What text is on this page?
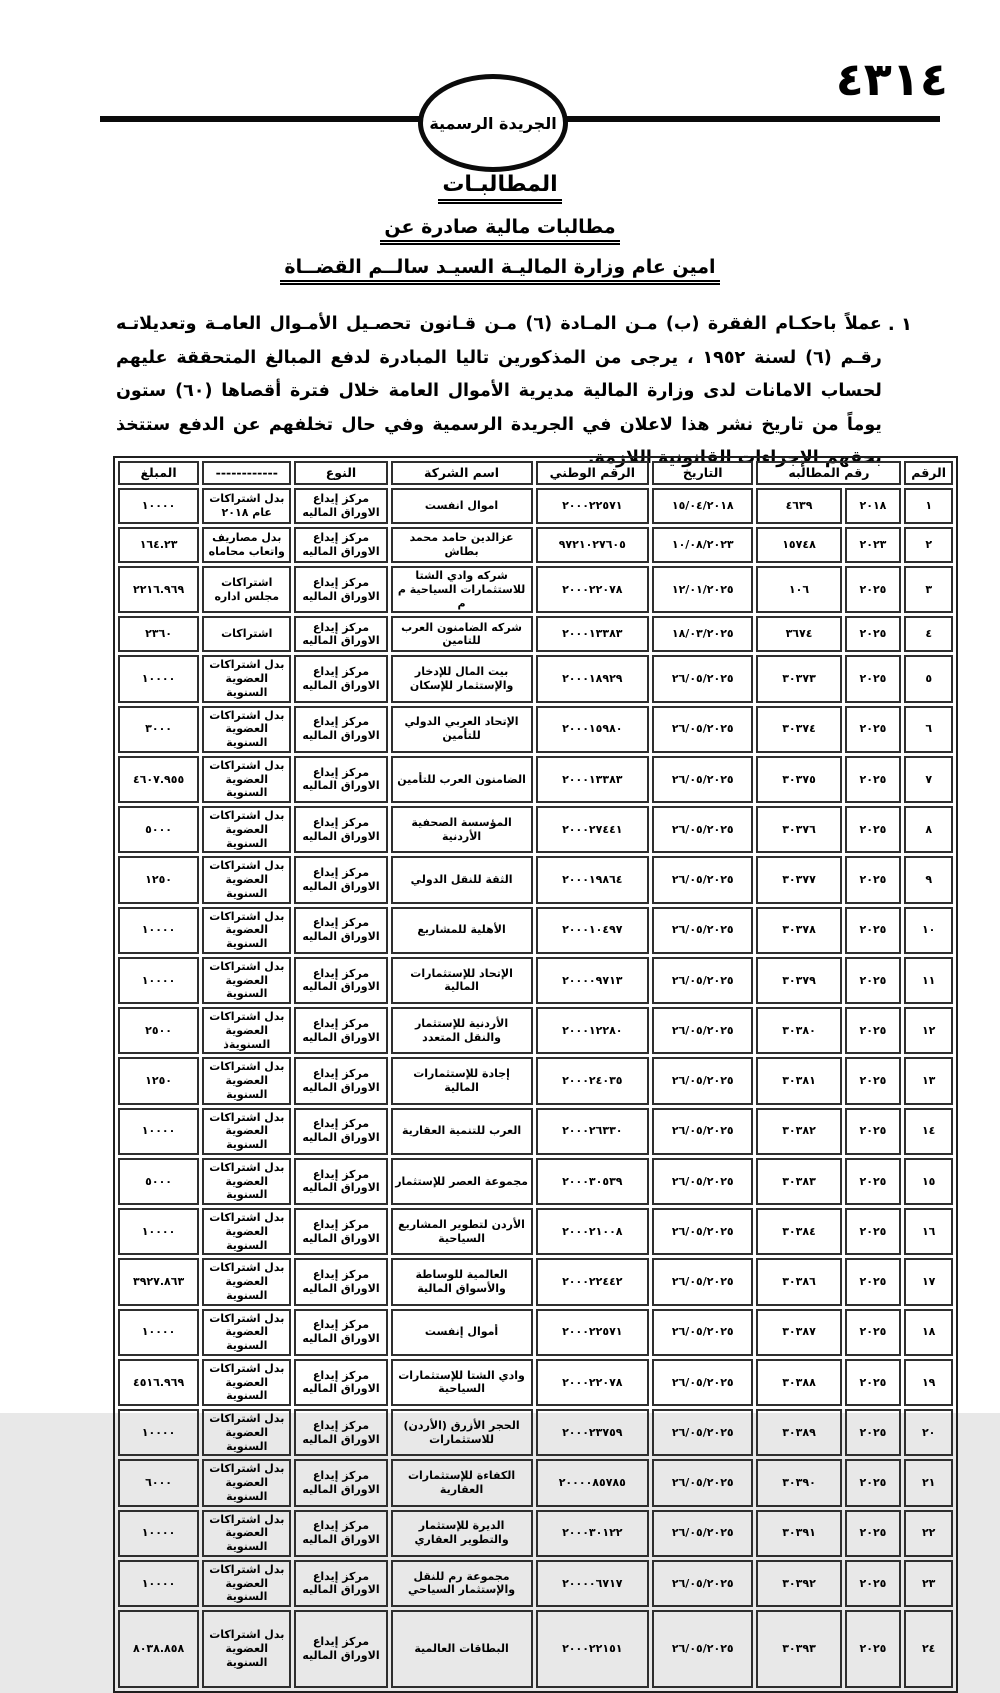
٤٣١٤
الجريدة الرسمية
المطالبـات
مطالبات مالية صادرة عن
امين عام وزارة الماليـة السيـد سالــم القضــاة
١ .
عملاً باحكـام الفقرة (ب) مـن المـادة (٦) مـن قـانون تحصـيل الأمـوال العامـة وتعديلاتـه رقـم (٦) لسنة ١٩٥٢ ، يرجى من المذكورين تاليا المبادرة لدفع المبالغ المتحققة عليهم لحساب الامانات لدى وزارة المالية مديرية الأموال العامة خلال فترة أقصاها (٦٠) ستون يوماً من تاريخ نشر هذا لاعلان في الجريدة الرسمية وفي حال تخلفهم عن الدفع ستتخذ بحقهم الإجراءات القانونية اللازمة.
الرقم	رقم المطالبه		التاريخ	الرقم الوطني	اسم الشركة	النوع	------------	المبلغ
١	٢٠١٨	٤٦٣٩	١٥/٠٤/٢٠١٨	٢٠٠٠٢٢٥٧١	اموال انفست	مركز إيداع الاوراق الماليه	بدل اشتراكات عام ٢٠١٨	١٠٠٠٠
٢	٢٠٢٣	١٥٧٤٨	١٠/٠٨/٢٠٢٣	٩٧٢١٠٢٧٦٠٥	عزالدين حامد محمد بطاش	مركز إيداع الاوراق الماليه	بدل مصاريف واتعاب محاماه	١٦٤.٢٣
٣	٢٠٢٥	١٠٦	١٢/٠١/٢٠٢٥	٢٠٠٠٢٢٠٧٨	شركه وادي الشتا للاستثمارات السياحية م م	مركز إيداع الاوراق الماليه	اشتراكات مجلس اداره	٢٢١٦.٩٦٩
٤	٢٠٢٥	٣٦٧٤	١٨/٠٣/٢٠٢٥	٢٠٠٠١٣٣٨٣	شركه الضامنون العرب للتامين	مركز إيداع الاوراق الماليه	اشتراكات	٢٣٦٠
٥	٢٠٢٥	٣٠٣٧٣	٢٦/٠٥/٢٠٢٥	٢٠٠٠١٨٩٢٩	بيت المال للإدخار والإستثمار للإسكان	مركز إيداع الاوراق الماليه	بدل اشتراكات العضوية السنوية	١٠٠٠٠
٦	٢٠٢٥	٣٠٣٧٤	٢٦/٠٥/٢٠٢٥	٢٠٠٠١٥٩٨٠	الإتحاد العربي الدولي للتأمين	مركز إيداع الاوراق الماليه	بدل اشتراكات العضوية السنوية	٣٠٠٠
٧	٢٠٢٥	٣٠٣٧٥	٢٦/٠٥/٢٠٢٥	٢٠٠٠١٣٣٨٣	الضامنون العرب للتأمين	مركز إيداع الاوراق الماليه	بدل اشتراكات العضوية السنوية	٤٦٠٧.٩٥٥
٨	٢٠٢٥	٣٠٣٧٦	٢٦/٠٥/٢٠٢٥	٢٠٠٠٢٧٤٤١	المؤسسة الصحفية الأردنية	مركز إيداع الاوراق الماليه	بدل اشتراكات العضوية السنوية	٥٠٠٠
٩	٢٠٢٥	٣٠٣٧٧	٢٦/٠٥/٢٠٢٥	٢٠٠٠١٩٨٦٤	الثقة للنقل الدولي	مركز إيداع الاوراق الماليه	بدل اشتراكات العضوية السنوية	١٢٥٠
١٠	٢٠٢٥	٣٠٣٧٨	٢٦/٠٥/٢٠٢٥	٢٠٠٠١٠٤٩٧	الأهلية للمشاريع	مركز إيداع الاوراق الماليه	بدل اشتراكات العضوية السنوية	١٠٠٠٠
١١	٢٠٢٥	٣٠٣٧٩	٢٦/٠٥/٢٠٢٥	٢٠٠٠٠٩٧١٣	الإتحاد للإستثمارات المالية	مركز إيداع الاوراق الماليه	بدل اشتراكات العضوية السنوية	١٠٠٠٠
١٢	٢٠٢٥	٣٠٣٨٠	٢٦/٠٥/٢٠٢٥	٢٠٠٠١٢٢٨٠	الأردنية للإستثمار والنقل المتعدد	مركز إيداع الاوراق الماليه	بدل اشتراكات العضوية السنويةذ	٢٥٠٠
١٣	٢٠٢٥	٣٠٣٨١	٢٦/٠٥/٢٠٢٥	٢٠٠٠٢٤٠٣٥	إجادة للإستثمارات المالية	مركز إيداع الاوراق الماليه	بدل اشتراكات العضوية السنوية	١٢٥٠
١٤	٢٠٢٥	٣٠٣٨٢	٢٦/٠٥/٢٠٢٥	٢٠٠٠٢٦٣٣٠	العرب للتنمية العقارية	مركز إيداع الاوراق الماليه	بدل اشتراكات العضوية السنوية	١٠٠٠٠
١٥	٢٠٢٥	٣٠٣٨٣	٢٦/٠٥/٢٠٢٥	٢٠٠٠٣٠٥٣٩	مجموعة العصر للإستثمار	مركز إيداع الاوراق الماليه	بدل اشتراكات العضوية السنوية	٥٠٠٠
١٦	٢٠٢٥	٣٠٣٨٤	٢٦/٠٥/٢٠٢٥	٢٠٠٠٢١٠٠٨	الأردن لتطوير المشاريع السياحية	مركز إيداع الاوراق الماليه	بدل اشتراكات العضوية السنوية	١٠٠٠٠
١٧	٢٠٢٥	٣٠٣٨٦	٢٦/٠٥/٢٠٢٥	٢٠٠٠٢٢٤٤٢	العالمية للوساطة والأسواق المالية	مركز إيداع الاوراق الماليه	بدل اشتراكات العضوية السنوية	٣٩٢٧.٨٦٣
١٨	٢٠٢٥	٣٠٣٨٧	٢٦/٠٥/٢٠٢٥	٢٠٠٠٢٢٥٧١	أموال إنفست	مركز إيداع الاوراق الماليه	بدل اشتراكات العضوية السنوية	١٠٠٠٠
١٩	٢٠٢٥	٣٠٣٨٨	٢٦/٠٥/٢٠٢٥	٢٠٠٠٢٢٠٧٨	وادي الشتا للإستثمارات السياحية	مركز إيداع الاوراق الماليه	بدل اشتراكات العضوية السنوية	٤٥١٦.٩٦٩
٢٠	٢٠٢٥	٣٠٣٨٩	٢٦/٠٥/٢٠٢٥	٢٠٠٠٢٣٧٥٩	الحجر الأزرق (الأردن) للاستثمارات	مركز إيداع الاوراق الماليه	بدل اشتراكات العضوية السنوية	١٠٠٠٠
٢١	٢٠٢٥	٣٠٣٩٠	٢٦/٠٥/٢٠٢٥	٢٠٠٠٠٨٥٧٨٥	الكفاءة للإستثمارات العقارية	مركز إيداع الاوراق الماليه	بدل اشتراكات العضوية السنوية	٦٠٠٠
٢٢	٢٠٢٥	٣٠٣٩١	٢٦/٠٥/٢٠٢٥	٢٠٠٠٣٠١٢٢	الديرة للإستثمار والتطوير العقاري	مركز إيداع الاوراق الماليه	بدل اشتراكات العضوية السنوية	١٠٠٠٠
٢٣	٢٠٢٥	٣٠٣٩٢	٢٦/٠٥/٢٠٢٥	٢٠٠٠٠٦٧١٧	مجموعة رم للنقل والإستثمار السياحي	مركز إيداع الاوراق الماليه	بدل اشتراكات العضوية السنوية	١٠٠٠٠
٢٤	٢٠٢٥	٣٠٣٩٣	٢٦/٠٥/٢٠٢٥	٢٠٠٠٢٢١٥١	البطاقات العالمية	مركز إيداع الاوراق الماليه	بدل اشتراكات العضوية السنوية	٨٠٣٨.٨٥٨
